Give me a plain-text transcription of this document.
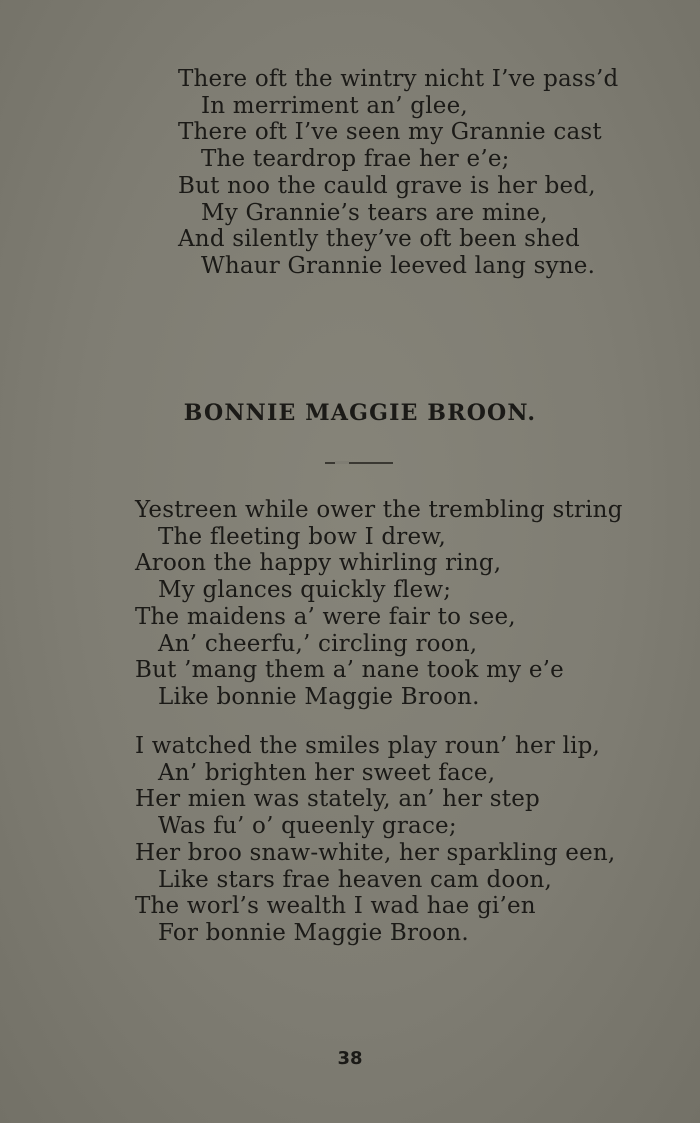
There oft the wintry nicht I’ve pass’d
In merriment an’ glee,
There oft I’ve seen my Grannie cast
The teardrop frae her e’e;
But noo the cauld grave is her bed,
My Grannie’s tears are mine,
And silently they’ve oft been shed
Whaur Grannie leeved lang syne.
BONNIE MAGGIE BROON.
Yestreen while ower the trembling string
The fleeting bow I drew,
Aroon the happy whirling ring,
My glances quickly flew;
The maidens a’ were fair to see,
An’ cheerfu,’ circling roon,
But ’mang them a’ nane took my e’e
Like bonnie Maggie Broon.
I watched the smiles play roun’ her lip,
An’ brighten her sweet face,
Her mien was stately, an’ her step
Was fu’ o’ queenly grace;
Her broo snaw-white, her sparkling een,
Like stars frae heaven cam doon,
The worl’s wealth I wad hae gi’en
For bonnie Maggie Broon.
38
